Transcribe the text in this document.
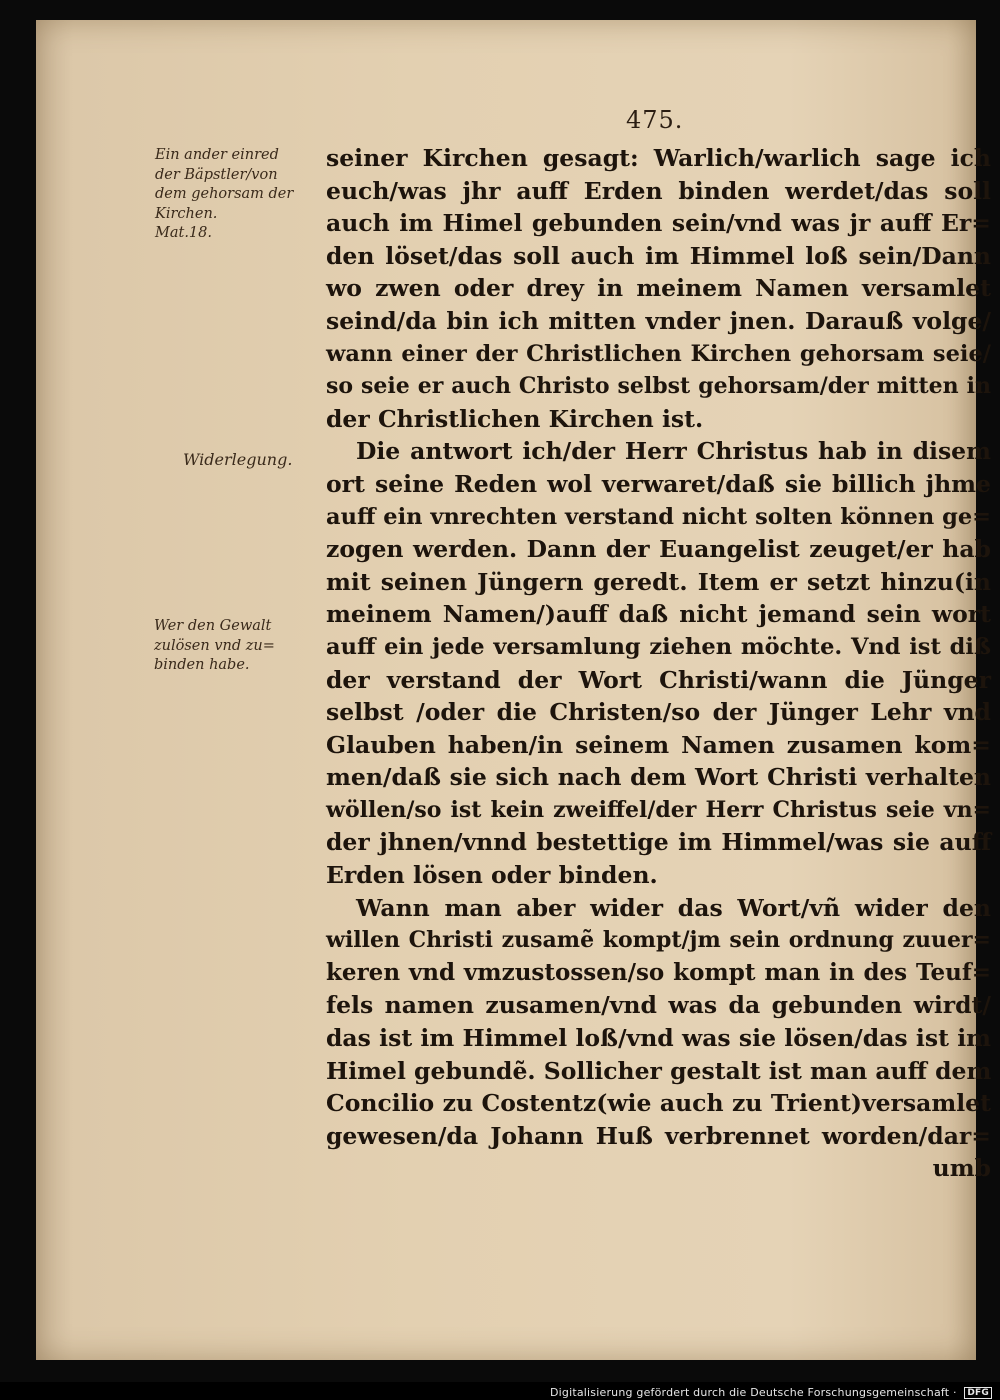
475.
Ein ander einred
der Bäpstler/von
dem gehorsam der
Kirchen.
Mat.18.
Widerlegung.
Wer den Gewalt
zulösen vnd zu=
binden habe.
seiner Kirchen gesagt: Warlich/warlich sage ich
euch/was jhr auff Erden binden werdet/das soll
auch im Himel gebunden sein/vnd was jr auff Er=
den löset/das soll auch im Himmel loß sein/Dann
wo zwen oder drey in meinem Namen versamlet
seind/da bin ich mitten vnder jnen. Darauß volge/
wann einer der Christlichen Kirchen gehorsam seie/
so seie er auch Christo selbst gehorsam/der mitten in
der Christlichen Kirchen ist.
Die antwort ich/der Herr Christus hab in disem
ort seine Reden wol verwaret/daß sie billich jhme
auff ein vnrechten verstand nicht solten können ge=
zogen werden. Dann der Euangelist zeuget/er hab
mit seinen Jüngern geredt. Item er setzt hinzu(in
meinem Namen/)auff daß nicht jemand sein wort
auff ein jede versamlung ziehen möchte. Vnd ist diß
der verstand der Wort Christi/wann die Jünger
selbst /oder die Christen/so der Jünger Lehr vnd
Glauben haben/in seinem Namen zusamen kom=
men/daß sie sich nach dem Wort Christi verhalten
wöllen/so ist kein zweiffel/der Herr Christus seie vn=
der jhnen/vnnd bestettige im Himmel/was sie auff
Erden lösen oder binden.
Wann man aber wider das Wort/vñ wider den
willen Christi zusamẽ kompt/jm sein ordnung zuuer=
keren vnd vmzustossen/so kompt man in des Teuf=
fels namen zusamen/vnd was da gebunden wirdt/
das ist im Himmel loß/vnd was sie lösen/das ist im
Himel gebundẽ. Sollicher gestalt ist man auff dem
Concilio zu Costentz(wie auch zu Trient)versamlet
gewesen/da Johann Huß verbrennet worden/dar=
umb
Digitalisierung gefördert durch die Deutsche Forschungsgemeinschaft · DFG
